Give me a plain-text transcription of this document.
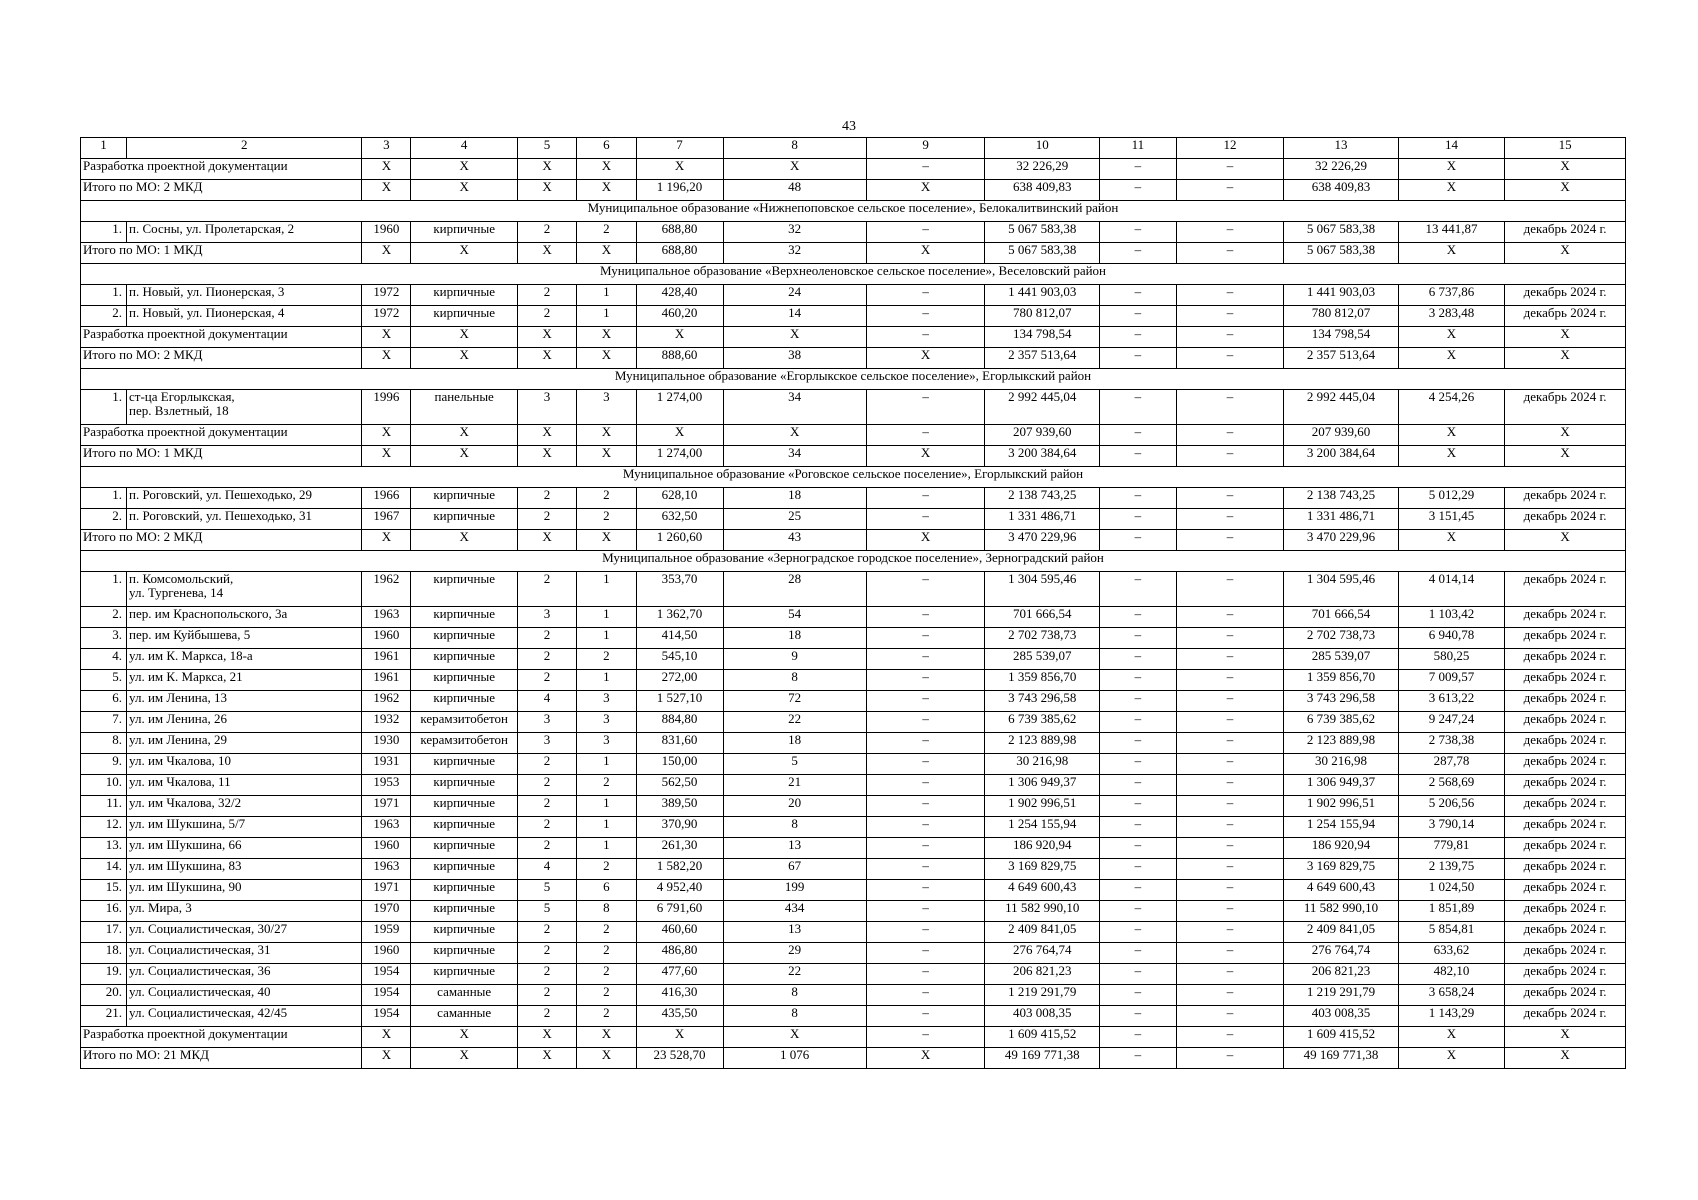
43
1	2	3	4	5	6	7	8	9	10	11	12	13	14	15
Разработка проектной документации		X	X	X	X	X	X	–	32 226,29	–	–	32 226,29	X	X
Итого по МО: 2 МКД		X	X	X	X	1 196,20	48	X	638 409,83	–	–	638 409,83	X	X
Муниципальное образование «Нижнепоповское сельское поселение», Белокалитвинский район														
1.	п. Сосны, ул. Пролетарская, 2	1960	кирпичные	2	2	688,80	32	–	5 067 583,38	–	–	5 067 583,38	13 441,87	декабрь 2024 г.
Итого по МО: 1 МКД		X	X	X	X	688,80	32	X	5 067 583,38	–	–	5 067 583,38	X	X
Муниципальное образование «Верхнеоленовское сельское поселение», Веселовский район														
1.	п. Новый, ул. Пионерская, 3	1972	кирпичные	2	1	428,40	24	–	1 441 903,03	–	–	1 441 903,03	6 737,86	декабрь 2024 г.
2.	п. Новый, ул. Пионерская, 4	1972	кирпичные	2	1	460,20	14	–	780 812,07	–	–	780 812,07	3 283,48	декабрь 2024 г.
Разработка проектной документации		X	X	X	X	X	X	–	134 798,54	–	–	134 798,54	X	X
Итого по МО: 2 МКД		X	X	X	X	888,60	38	X	2 357 513,64	–	–	2 357 513,64	X	X
Муниципальное образование «Егорлыкское сельское поселение», Егорлыкский район														
1.	ст-ца Егорлыкская,
пер. Взлетный, 18	1996	панельные	3	3	1 274,00	34	–	2 992 445,04	–	–	2 992 445,04	4 254,26	декабрь 2024 г.
Разработка проектной документации		X	X	X	X	X	X	–	207 939,60	–	–	207 939,60	X	X
Итого по МО: 1 МКД		X	X	X	X	1 274,00	34	X	3 200 384,64	–	–	3 200 384,64	X	X
Муниципальное образование «Роговское сельское поселение», Егорлыкский район														
1.	п. Роговский, ул. Пешеходько, 29	1966	кирпичные	2	2	628,10	18	–	2 138 743,25	–	–	2 138 743,25	5 012,29	декабрь 2024 г.
2.	п. Роговский, ул. Пешеходько, 31	1967	кирпичные	2	2	632,50	25	–	1 331 486,71	–	–	1 331 486,71	3 151,45	декабрь 2024 г.
Итого по МО: 2 МКД		X	X	X	X	1 260,60	43	X	3 470 229,96	–	–	3 470 229,96	X	X
Муниципальное образование «Зерноградское городское поселение», Зерноградский район														
1.	п. Комсомольский,
ул. Тургенева, 14	1962	кирпичные	2	1	353,70	28	–	1 304 595,46	–	–	1 304 595,46	4 014,14	декабрь 2024 г.
2.	пер. им Краснопольского, 3а	1963	кирпичные	3	1	1 362,70	54	–	701 666,54	–	–	701 666,54	1 103,42	декабрь 2024 г.
3.	пер. им Куйбышева, 5	1960	кирпичные	2	1	414,50	18	–	2 702 738,73	–	–	2 702 738,73	6 940,78	декабрь 2024 г.
4.	ул. им К. Маркса, 18-а	1961	кирпичные	2	2	545,10	9	–	285 539,07	–	–	285 539,07	580,25	декабрь 2024 г.
5.	ул. им К. Маркса, 21	1961	кирпичные	2	1	272,00	8	–	1 359 856,70	–	–	1 359 856,70	7 009,57	декабрь 2024 г.
6.	ул. им Ленина, 13	1962	кирпичные	4	3	1 527,10	72	–	3 743 296,58	–	–	3 743 296,58	3 613,22	декабрь 2024 г.
7.	ул. им Ленина, 26	1932	керамзитобетон	3	3	884,80	22	–	6 739 385,62	–	–	6 739 385,62	9 247,24	декабрь 2024 г.
8.	ул. им Ленина, 29	1930	керамзитобетон	3	3	831,60	18	–	2 123 889,98	–	–	2 123 889,98	2 738,38	декабрь 2024 г.
9.	ул. им Чкалова, 10	1931	кирпичные	2	1	150,00	5	–	30 216,98	–	–	30 216,98	287,78	декабрь 2024 г.
10.	ул. им Чкалова, 11	1953	кирпичные	2	2	562,50	21	–	1 306 949,37	–	–	1 306 949,37	2 568,69	декабрь 2024 г.
11.	ул. им Чкалова, 32/2	1971	кирпичные	2	1	389,50	20	–	1 902 996,51	–	–	1 902 996,51	5 206,56	декабрь 2024 г.
12.	ул. им Шукшина, 5/7	1963	кирпичные	2	1	370,90	8	–	1 254 155,94	–	–	1 254 155,94	3 790,14	декабрь 2024 г.
13.	ул. им Шукшина, 66	1960	кирпичные	2	1	261,30	13	–	186 920,94	–	–	186 920,94	779,81	декабрь 2024 г.
14.	ул. им Шукшина, 83	1963	кирпичные	4	2	1 582,20	67	–	3 169 829,75	–	–	3 169 829,75	2 139,75	декабрь 2024 г.
15.	ул. им Шукшина, 90	1971	кирпичные	5	6	4 952,40	199	–	4 649 600,43	–	–	4 649 600,43	1 024,50	декабрь 2024 г.
16.	ул. Мира, 3	1970	кирпичные	5	8	6 791,60	434	–	11 582 990,10	–	–	11 582 990,10	1 851,89	декабрь 2024 г.
17.	ул. Социалистическая, 30/27	1959	кирпичные	2	2	460,60	13	–	2 409 841,05	–	–	2 409 841,05	5 854,81	декабрь 2024 г.
18.	ул. Социалистическая, 31	1960	кирпичные	2	2	486,80	29	–	276 764,74	–	–	276 764,74	633,62	декабрь 2024 г.
19.	ул. Социалистическая, 36	1954	кирпичные	2	2	477,60	22	–	206 821,23	–	–	206 821,23	482,10	декабрь 2024 г.
20.	ул. Социалистическая, 40	1954	саманные	2	2	416,30	8	–	1 219 291,79	–	–	1 219 291,79	3 658,24	декабрь 2024 г.
21.	ул. Социалистическая, 42/45	1954	саманные	2	2	435,50	8	–	403 008,35	–	–	403 008,35	1 143,29	декабрь 2024 г.
Разработка проектной документации		X	X	X	X	X	X	–	1 609 415,52	–	–	1 609 415,52	X	X
Итого по МО: 21 МКД		X	X	X	X	23 528,70	1 076	X	49 169 771,38	–	–	49 169 771,38	X	X
